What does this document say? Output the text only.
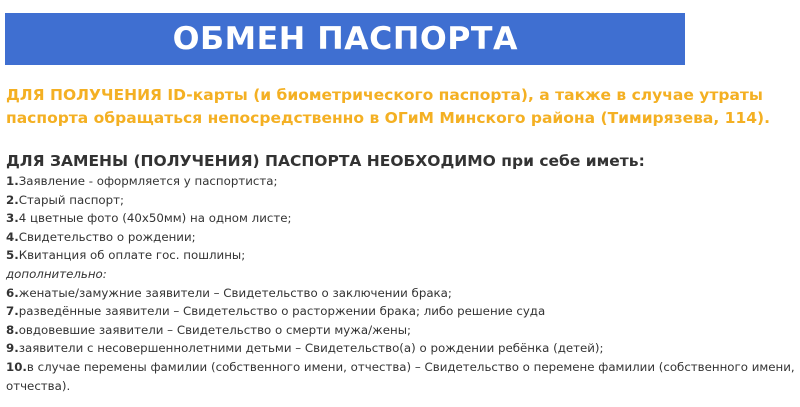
ОБМЕН ПАСПОРТА
ДЛЯ ПОЛУЧЕНИЯ ID-карты (и биометрического паспорта), а также в случае утраты паспорта обращаться непосредственно в ОГиМ Минского района (Тимирязева, 114).
ДЛЯ ЗАМЕНЫ (ПОЛУЧЕНИЯ) ПАСПОРТА НЕОБХОДИМО при себе иметь:
1.Заявление - оформляется у паспортиста;
2.Старый паспорт;
3.4 цветные фото (40х50мм) на одном листе;
4.Свидетельство о рождении;
5.Квитанция об оплате гос. пошлины;
дополнительно:
6.женатые/замужние заявители – Свидетельство о заключении брака;
7.разведённые заявители – Свидетельство о расторжении брака; либо решение суда
8.овдовевшие заявители – Свидетельство о смерти мужа/жены;
9.заявители с несовершеннолетними детьми – Свидетельство(а) о рождении ребёнка (детей);
10.в случае перемены фамилии (собственного имени, отчества) – Свидетельство о перемене фамилии (собственного имени, отчества).
